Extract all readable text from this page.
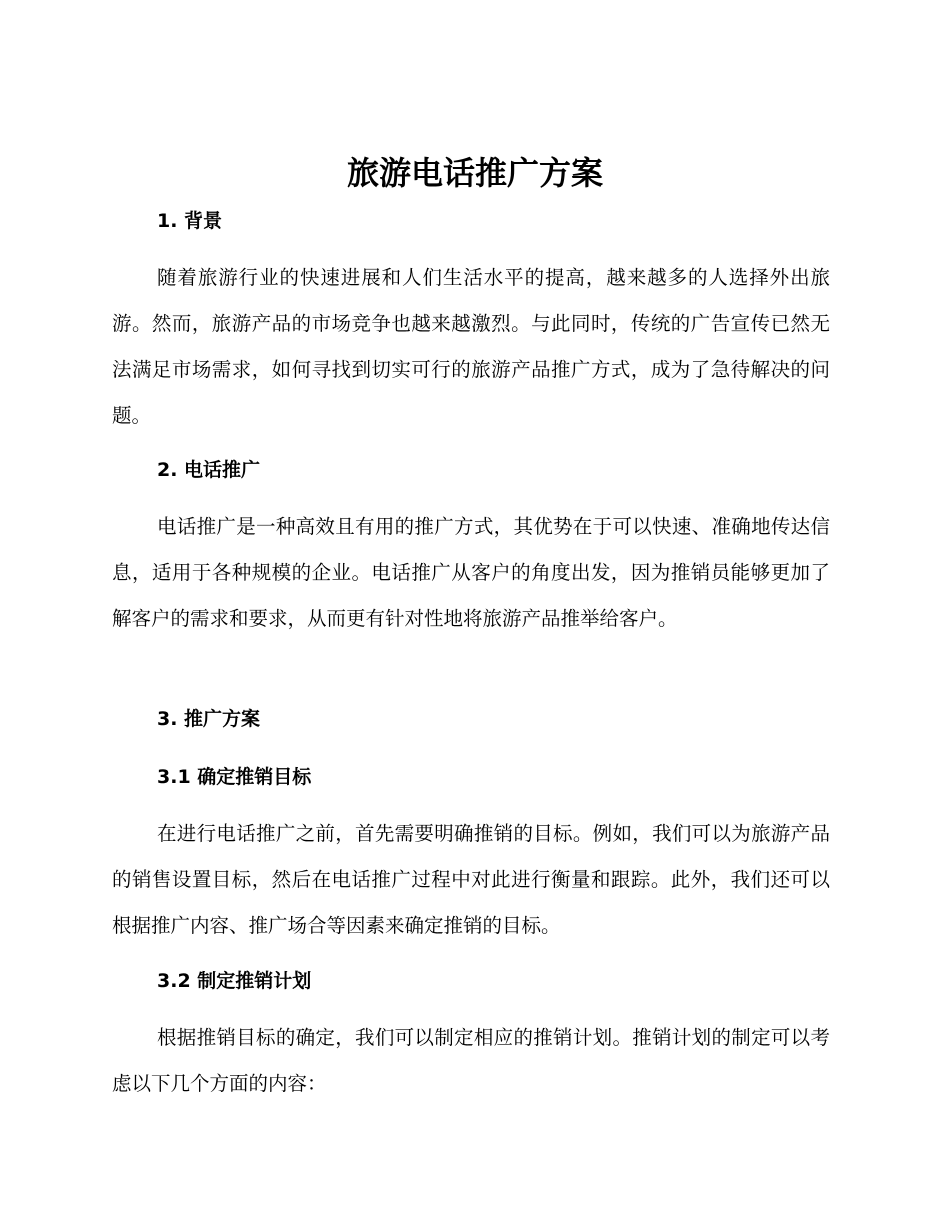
旅游电话推广方案
1. 背景

随着旅游行业的快速进展和人们生活水平的提高，越来越多的人选择外出旅游。然而，旅游产品的市场竞争也越来越激烈。与此同时，传统的广告宣传已然无法满足市场需求，如何寻找到切实可行的旅游产品推广方式，成为了急待解决的问题。

2. 电话推广

电话推广是一种高效且有用的推广方式，其优势在于可以快速、准确地传达信息，适用于各种规模的企业。电话推广从客户的角度出发，因为推销员能够更加了解客户的需求和要求，从而更有针对性地将旅游产品推举给客户。

3. 推广方案
3.1 确定推销目标

在进行电话推广之前，首先需要明确推销的目标。例如，我们可以为旅游产品的销售设置目标，然后在电话推广过程中对此进行衡量和跟踪。此外，我们还可以根据推广内容、推广场合等因素来确定推销的目标。

3.2 制定推销计划

根据推销目标的确定，我们可以制定相应的推销计划。推销计划的制定可以考虑以下几个方面的内容：
